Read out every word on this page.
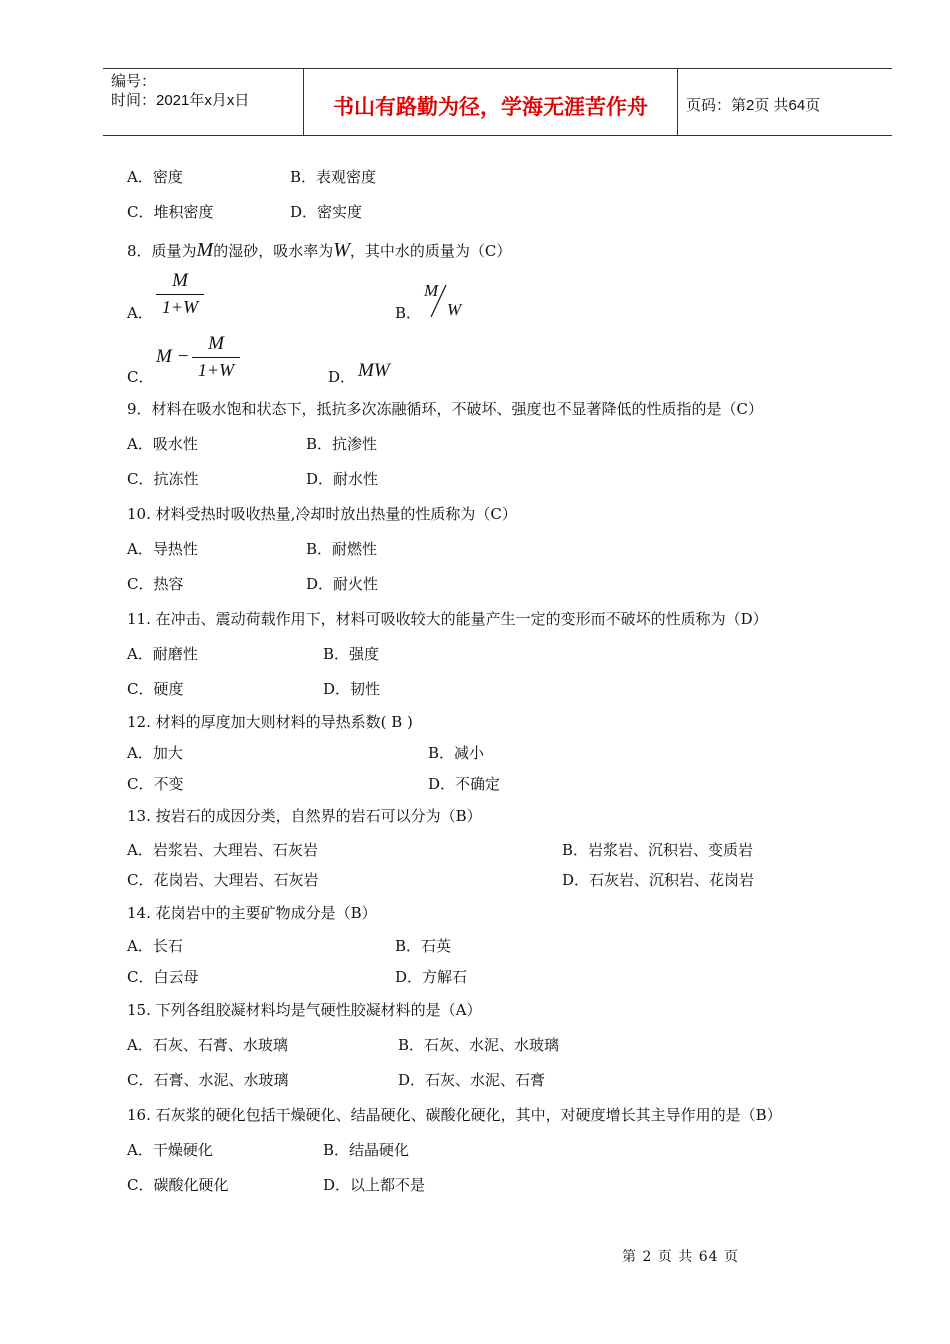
编号：
时间：2021年x月x日	书山有路勤为径，学海无涯苦作舟	页码：第2页 共64页
A．密度	B．表观密度
C．堆积密度	D．密实度
8．质量为M的湿砂，吸水率为W，其中水的质量为（C）
A．
M
1+W	B．
M
W
C．
M −
M
1+W	D． MW
9．材料在吸水饱和状态下，抵抗多次冻融循环，不破坏、强度也不显著降低的性质指的是（C）
A．吸水性	B．抗渗性
C．抗冻性	D．耐水性
10. 材料受热时吸收热量,冷却时放出热量的性质称为（C）
A．导热性	B．耐燃性
C．热容	D．耐火性
11. 在冲击、震动荷载作用下，材料可吸收较大的能量产生一定的变形而不破坏的性质称为（D）
A．耐磨性	B．强度
C．硬度	D．韧性
12. 材料的厚度加大则材料的导热系数( B )
A．加大	B．减小
C．不变	D．不确定
13. 按岩石的成因分类，自然界的岩石可以分为（B）
A．岩浆岩、大理岩、石灰岩	B．岩浆岩、沉积岩、变质岩
C．花岗岩、大理岩、石灰岩	D．石灰岩、沉积岩、花岗岩
14. 花岗岩中的主要矿物成分是（B）
A．长石	B．石英
C．白云母	D．方解石
15. 下列各组胶凝材料均是气硬性胶凝材料的是（A）
A．石灰、石膏、水玻璃	B．石灰、水泥、水玻璃
C．石膏、水泥、水玻璃	D．石灰、水泥、石膏
16. 石灰浆的硬化包括干燥硬化、结晶硬化、碳酸化硬化，其中，对硬度增长其主导作用的是（B）
A．干燥硬化	B．结晶硬化
C．碳酸化硬化	D．以上都不是
第 2 页 共 64 页
